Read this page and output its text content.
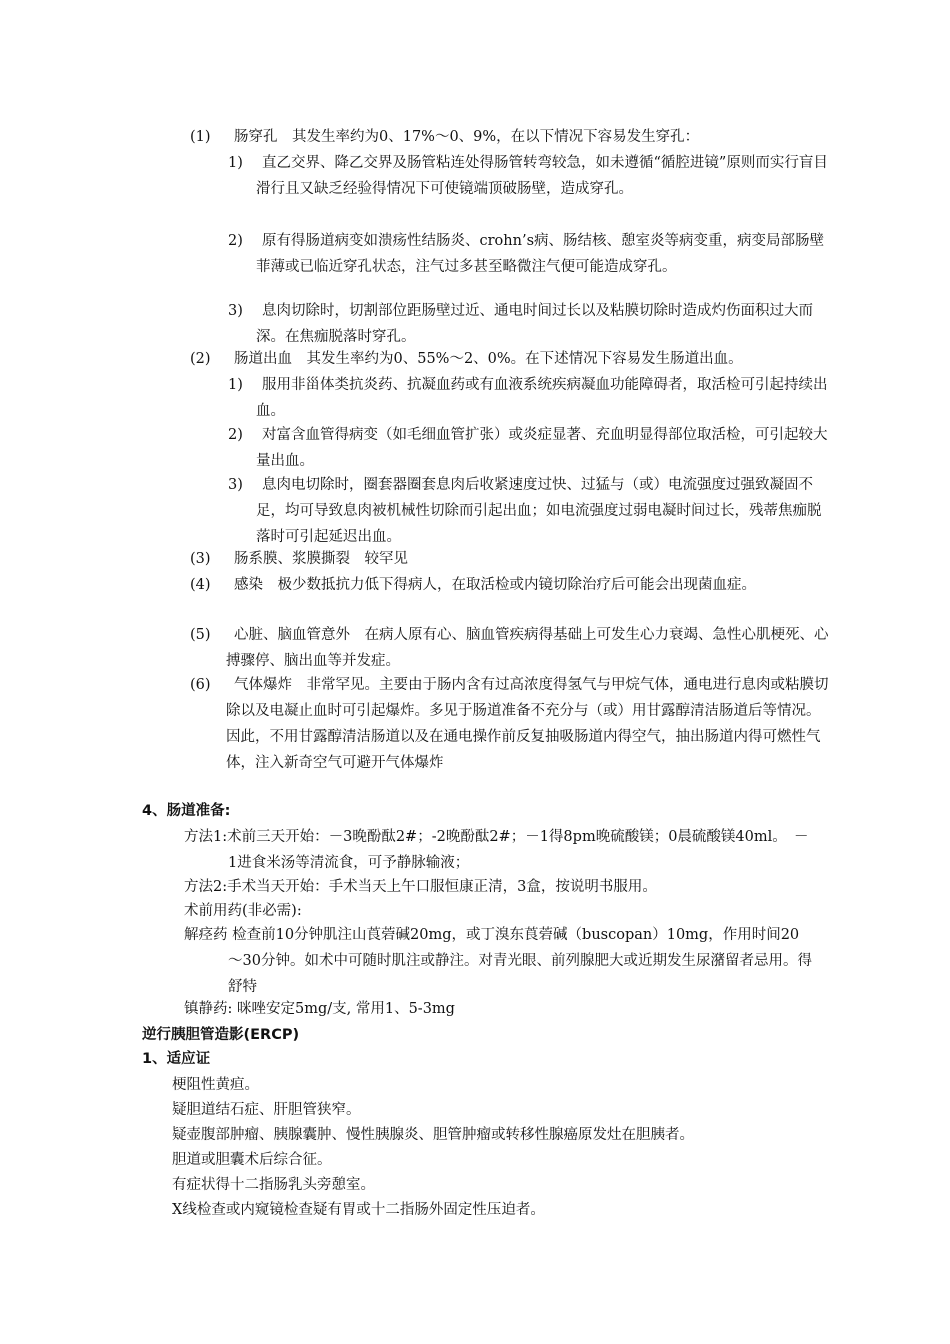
(1) 肠穿孔　其发生率约为0、17%～0、9%，在以下情况下容易发生穿孔：
1)	直乙交界、降乙交界及肠管粘连处得肠管转弯较急，如未遵循“循腔进镜”原则而实行盲目滑行且又缺乏经验得情况下可使镜端顶破肠壁，造成穿孔。
2)	原有得肠道病变如溃疡性结肠炎、crohn’s病、肠结核、憩室炎等病变重，病变局部肠壁菲薄或已临近穿孔状态，注气过多甚至略微注气便可能造成穿孔。
3)	息肉切除时，切割部位距肠壁过近、通电时间过长以及粘膜切除时造成灼伤面积过大而深。在焦痂脱落时穿孔。
(2) 肠道出血　其发生率约为0、55%～2、0%。在下述情况下容易发生肠道出血。
1)	服用非甾体类抗炎药、抗凝血药或有血液系统疾病凝血功能障碍者，取活检可引起持续出血。
2)	对富含血管得病变（如毛细血管扩张）或炎症显著、充血明显得部位取活检，可引起较大量出血。
3)	息肉电切除时，圈套器圈套息肉后收紧速度过快、过猛与（或）电流强度过强致凝固不足，均可导致息肉被机械性切除而引起出血；如电流强度过弱电凝时间过长，残蒂焦痂脱落时可引起延迟出血。
(3) 肠系膜、浆膜撕裂　较罕见
(4)	感染　极少数抵抗力低下得病人，在取活检或内镜切除治疗后可能会出现菌血症。
(5)	心脏、脑血管意外　在病人原有心、脑血管疾病得基础上可发生心力衰竭、急性心肌梗死、心搏骤停、脑出血等并发症。
(6)	气体爆炸　非常罕见。主要由于肠内含有过高浓度得氢气与甲烷气体，通电进行息肉或粘膜切除以及电凝止血时可引起爆炸。多见于肠道准备不充分与（或）用甘露醇清洁肠道后等情况。因此，不用甘露醇清洁肠道以及在通电操作前反复抽吸肠道内得空气，抽出肠道内得可燃性气体，注入新奇空气可避开气体爆炸
4、肠道准备:
方法1:术前三天开始：－3晚酚酞2#；-2晚酚酞2#；－1得8pm晚硫酸镁；0晨硫酸镁40ml。　－1进食米汤等清流食，可予静脉输液；
方法2:手术当天开始：手术当天上午口服恒康正清，3盒，按说明书服用。
术前用药(非必需):
解痉药 检查前10分钟肌注山莨菪碱20mg，或丁溴东莨菪碱（buscopan）10mg，作用时间20～30分钟。如术中可随时肌注或静注。对青光眼、前列腺肥大或近期发生尿潴留者忌用。得舒特
镇静药: 咪唑安定5mg/支, 常用1、5-3mg
逆行胰胆管造影(ERCP)
1、适应证
梗阻性黄疸。
疑胆道结石症、肝胆管狭窄。
疑壶腹部肿瘤、胰腺囊肿、慢性胰腺炎、胆管肿瘤或转移性腺癌原发灶在胆胰者。
胆道或胆囊术后综合征。
有症状得十二指肠乳头旁憩室。
X线检查或内窥镜检查疑有胃或十二指肠外固定性压迫者。
